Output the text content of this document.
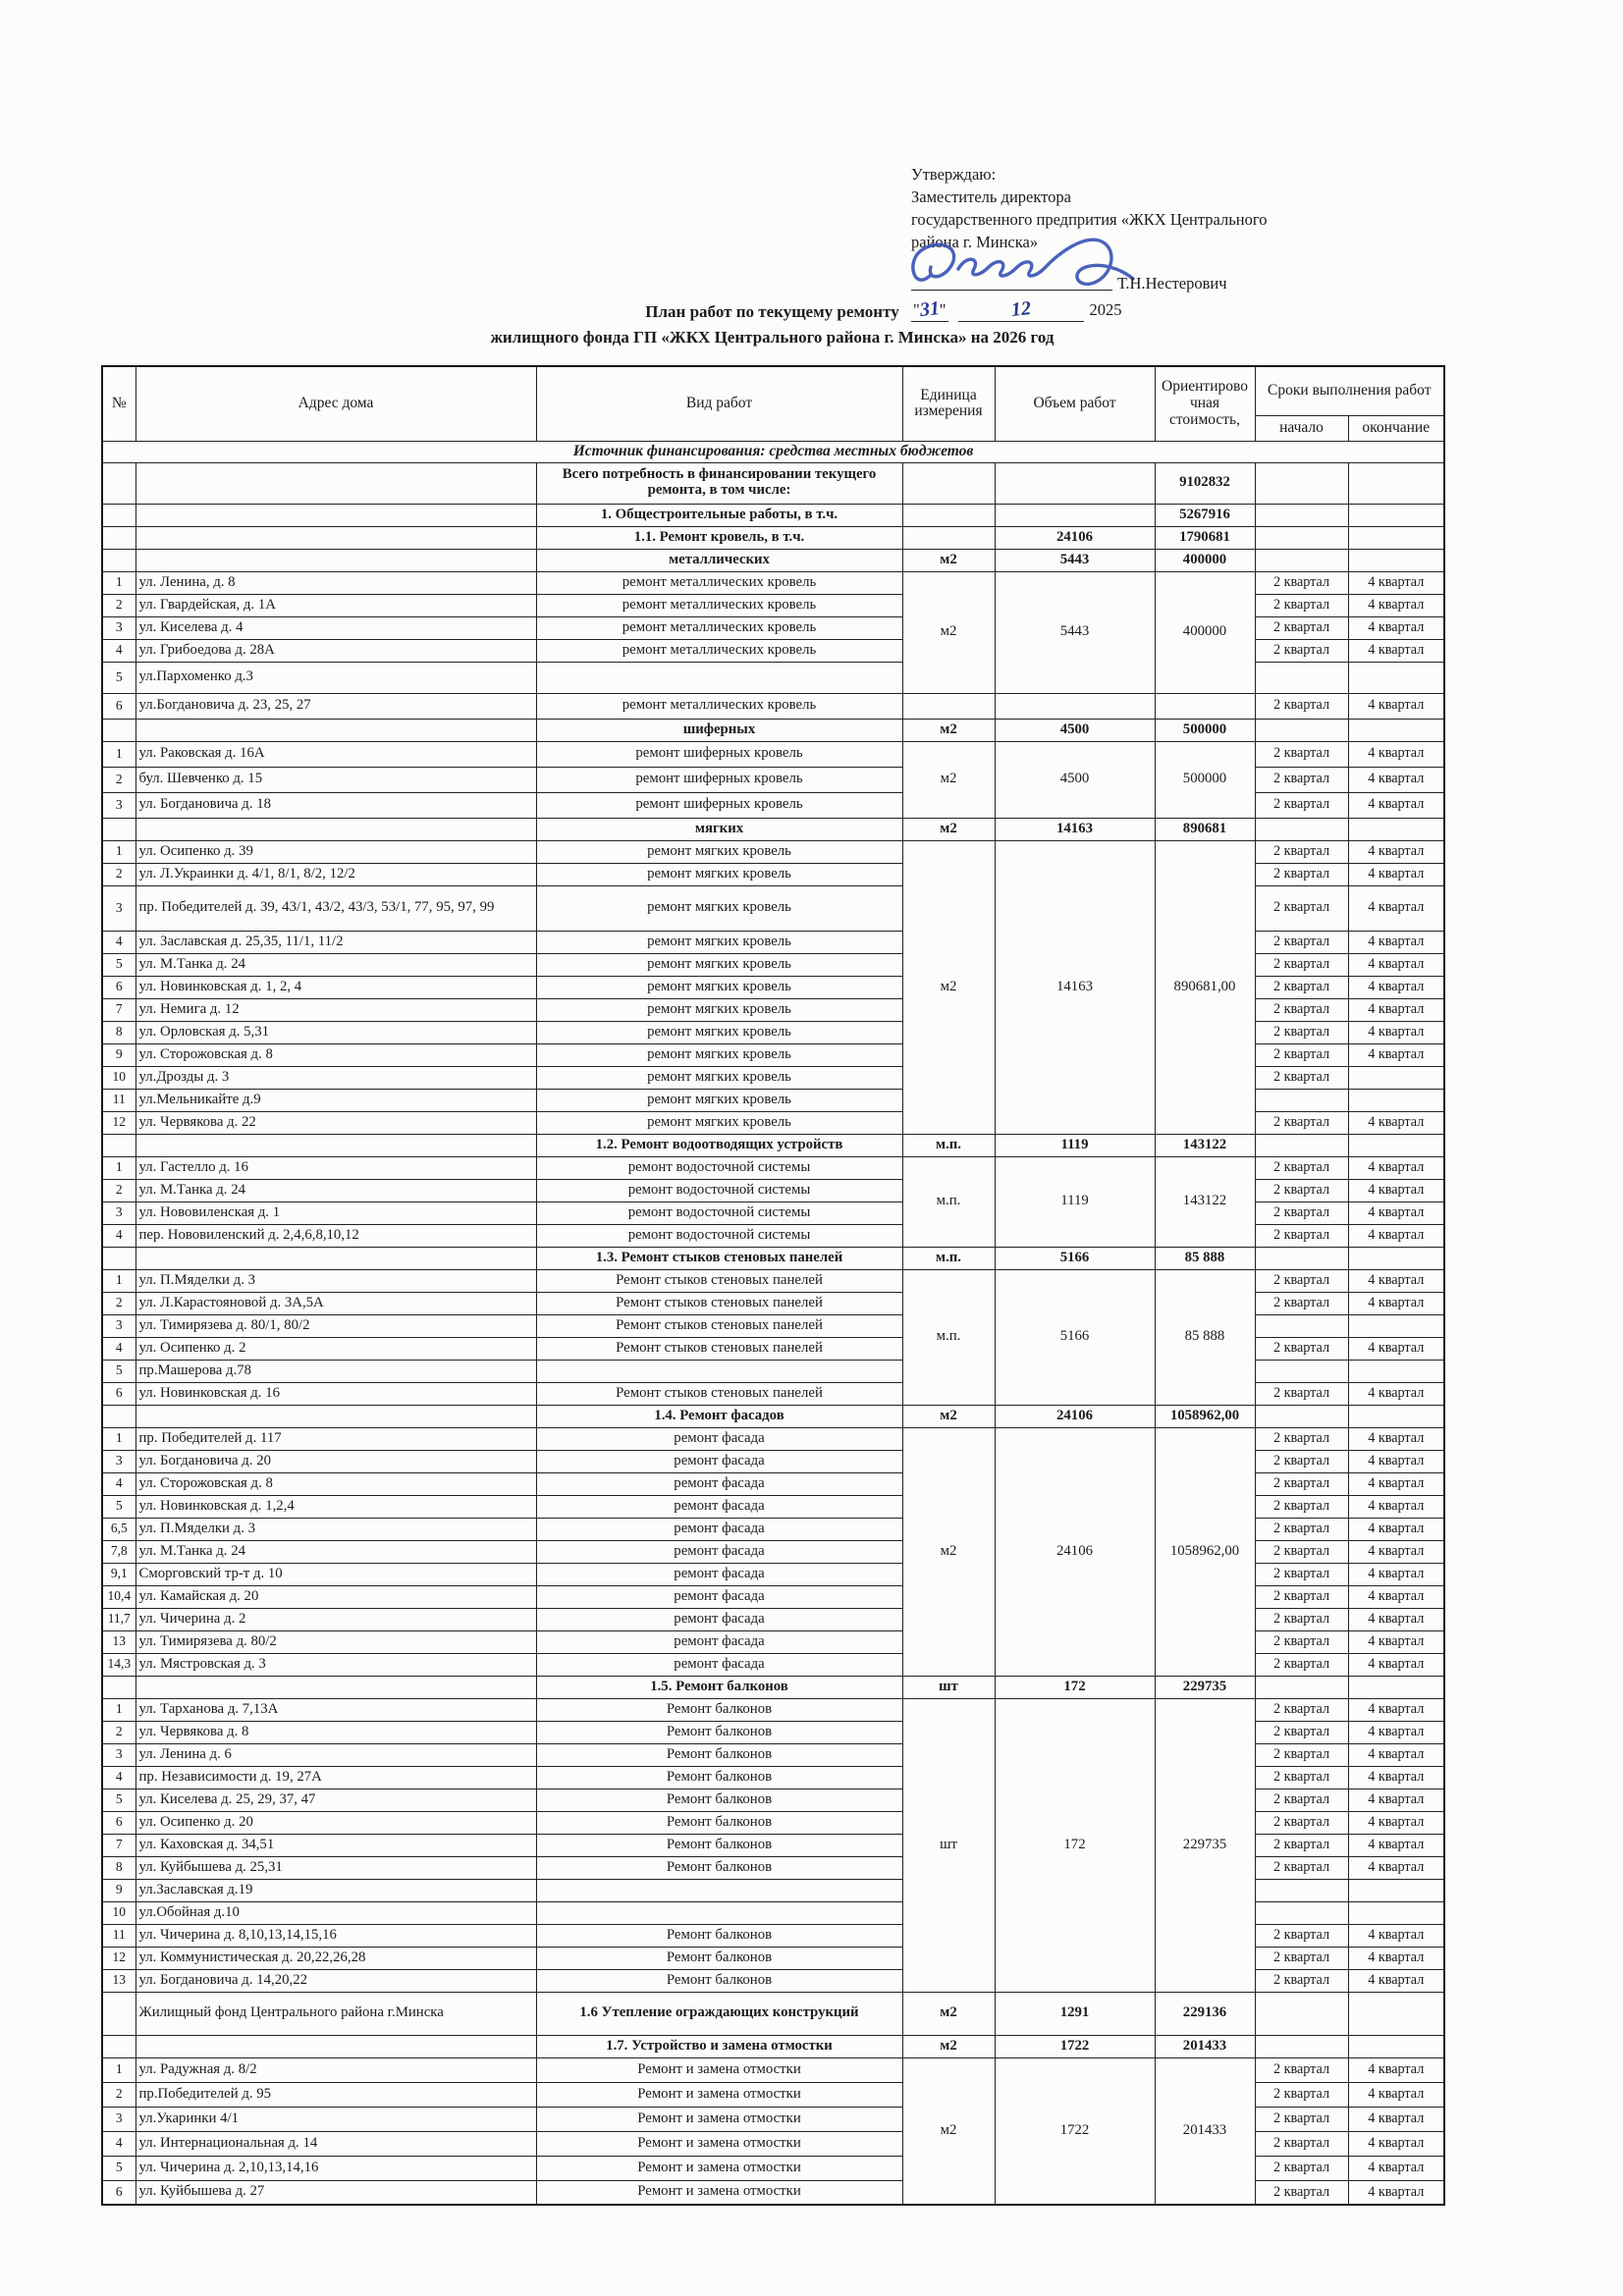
Утверждаю:
Заместитель директора
государственного предпрития «ЖКХ Центрального
района г. Минска»
Т.Н.Нестерович
"31"	12	2025
План работ по текущему ремонту
жилищного фонда ГП «ЖКХ Центрального района г. Минска» на 2026 год
№	Адрес дома	Вид работ	Единица измерения	Объем работ	Ориентировочная стоимость,	Сроки выполнения работ	
						начало	окончание
Источник финансирования: средства местных бюджетов							
		Всего потребность в финансировании текущего ремонта, в том числе:			9102832		
		1. Общестроительные работы, в т.ч.			5267916		
		1.1. Ремонт кровель, в т.ч.		24106	1790681		
		металлических	м2	5443	400000		
1	ул. Ленина, д. 8	ремонт металлических кровель	м2	5443	400000	2 квартал	4 квартал
2	ул. Гвардейская, д. 1А	ремонт металлических кровель				2 квартал	4 квартал
3	ул. Киселева д. 4	ремонт металлических кровель				2 квартал	4 квартал
4	ул. Грибоедова д. 28А	ремонт металлических кровель				2 квартал	4 квартал
5	ул.Пархоменко д.3						
6	ул.Богдановича д. 23, 25, 27	ремонт металлических кровель				2 квартал	4 квартал
		шиферных	м2	4500	500000		
1	ул. Раковская д. 16А	ремонт шиферных кровель	м2	4500	500000	2 квартал	4 квартал
2	бул. Шевченко д. 15	ремонт шиферных кровель				2 квартал	4 квартал
3	ул. Богдановича д. 18	ремонт шиферных кровель				2 квартал	4 квартал
		мягких	м2	14163	890681		
1	ул. Осипенко д. 39	ремонт мягких кровель	м2	14163	890681,00	2 квартал	4 квартал
2	ул. Л.Украинки д. 4/1, 8/1, 8/2, 12/2	ремонт мягких кровель				2 квартал	4 квартал
3	пр. Победителей д. 39, 43/1, 43/2, 43/3, 53/1, 77, 95, 97, 99	ремонт мягких кровель				2 квартал	4 квартал
4	ул. Заславская д. 25,35, 11/1, 11/2	ремонт мягких кровель				2 квартал	4 квартал
5	ул. М.Танка д. 24	ремонт мягких кровель				2 квартал	4 квартал
6	ул. Новинковская д. 1, 2, 4	ремонт мягких кровель				2 квартал	4 квартал
7	ул. Немига д. 12	ремонт мягких кровель				2 квартал	4 квартал
8	ул. Орловская д. 5,31	ремонт мягких кровель				2 квартал	4 квартал
9	ул. Сторожовская д. 8	ремонт мягких кровель				2 квартал	4 квартал
10	ул.Дрозды д. 3	ремонт мягких кровель				2 квартал	
11	ул.Мельникайте д.9	ремонт мягких кровель					
12	ул. Червякова д. 22	ремонт мягких кровель				2 квартал	4 квартал
		1.2. Ремонт водоотводящих устройств	м.п.	1119	143122		
1	ул. Гастелло д. 16	ремонт водосточной системы	м.п.	1119	143122	2 квартал	4 квартал
2	ул. М.Танка д. 24	ремонт водосточной системы				2 квартал	4 квартал
3	ул. Нововиленская д. 1	ремонт водосточной системы				2 квартал	4 квартал
4	пер. Нововиленский д. 2,4,6,8,10,12	ремонт водосточной системы				2 квартал	4 квартал
		1.3. Ремонт стыков стеновых панелей	м.п.	5166	85 888		
1	ул. П.Мяделки д. 3	Ремонт стыков стеновых панелей	м.п.	5166	85 888	2 квартал	4 квартал
2	ул. Л.Карастояновой д. 3А,5А	Ремонт стыков стеновых панелей				2 квартал	4 квартал
3	ул. Тимирязева д. 80/1, 80/2	Ремонт стыков стеновых панелей					
4	ул. Осипенко д. 2	Ремонт стыков стеновых панелей				2 квартал	4 квартал
5	пр.Машерова д.78						
6	ул. Новинковская д. 16	Ремонт стыков стеновых панелей				2 квартал	4 квартал
		1.4. Ремонт фасадов	м2	24106	1058962,00		
1	пр. Победителей д. 117	ремонт фасада	м2	24106	1058962,00	2 квартал	4 квартал
3	ул. Богдановича д. 20	ремонт фасада				2 квартал	4 квартал
4	ул. Сторожовская д. 8	ремонт фасада				2 квартал	4 квартал
5	ул. Новинковская д. 1,2,4	ремонт фасада				2 квартал	4 квартал
6,5	ул. П.Мяделки д. 3	ремонт фасада				2 квартал	4 квартал
7,8	ул. М.Танка д. 24	ремонт фасада				2 квартал	4 квартал
9,1	Сморговский тр-т д. 10	ремонт фасада				2 квартал	4 квартал
10,4	ул. Камайская д. 20	ремонт фасада				2 квартал	4 квартал
11,7	ул. Чичерина д. 2	ремонт фасада				2 квартал	4 квартал
13	ул. Тимирязева д. 80/2	ремонт фасада				2 квартал	4 квартал
14,3	ул. Мястровская д. 3	ремонт фасада				2 квартал	4 квартал
		1.5. Ремонт балконов	шт	172	229735		
1	ул. Тарханова д. 7,13А	Ремонт балконов	шт	172	229735	2 квартал	4 квартал
2	ул. Червякова д. 8	Ремонт балконов				2 квартал	4 квартал
3	ул. Ленина д. 6	Ремонт балконов				2 квартал	4 квартал
4	пр. Независимости д. 19, 27А	Ремонт балконов				2 квартал	4 квартал
5	ул. Киселева д. 25, 29, 37, 47	Ремонт балконов				2 квартал	4 квартал
6	ул. Осипенко д. 20	Ремонт балконов				2 квартал	4 квартал
7	ул. Каховская д. 34,51	Ремонт балконов				2 квартал	4 квартал
8	ул. Куйбышева д. 25,31	Ремонт балконов				2 квартал	4 квартал
9	ул.Заславская д.19						
10	ул.Обойная д.10						
11	ул. Чичерина д. 8,10,13,14,15,16	Ремонт балконов				2 квартал	4 квартал
12	ул. Коммунистическая д. 20,22,26,28	Ремонт балконов				2 квартал	4 квартал
13	ул. Богдановича д. 14,20,22	Ремонт балконов				2 квартал	4 квартал
	Жилищный фонд Центрального района г.Минска	1.6 Утепление ограждающих конструкций	м2	1291	229136		
		1.7. Устройство и замена отмостки	м2	1722	201433		
1	ул. Радужная д. 8/2	Ремонт и замена отмостки	м2	1722	201433	2 квартал	4 квартал
2	пр.Победителей д. 95	Ремонт и замена отмостки				2 квартал	4 квартал
3	ул.Укаринки 4/1	Ремонт и замена отмостки				2 квартал	4 квартал
4	ул. Интернациональная д. 14	Ремонт и замена отмостки				2 квартал	4 квартал
5	ул. Чичерина д. 2,10,13,14,16	Ремонт и замена отмостки				2 квартал	4 квартал
6	ул. Куйбышева д. 27	Ремонт и замена отмостки				2 квартал	4 квартал
